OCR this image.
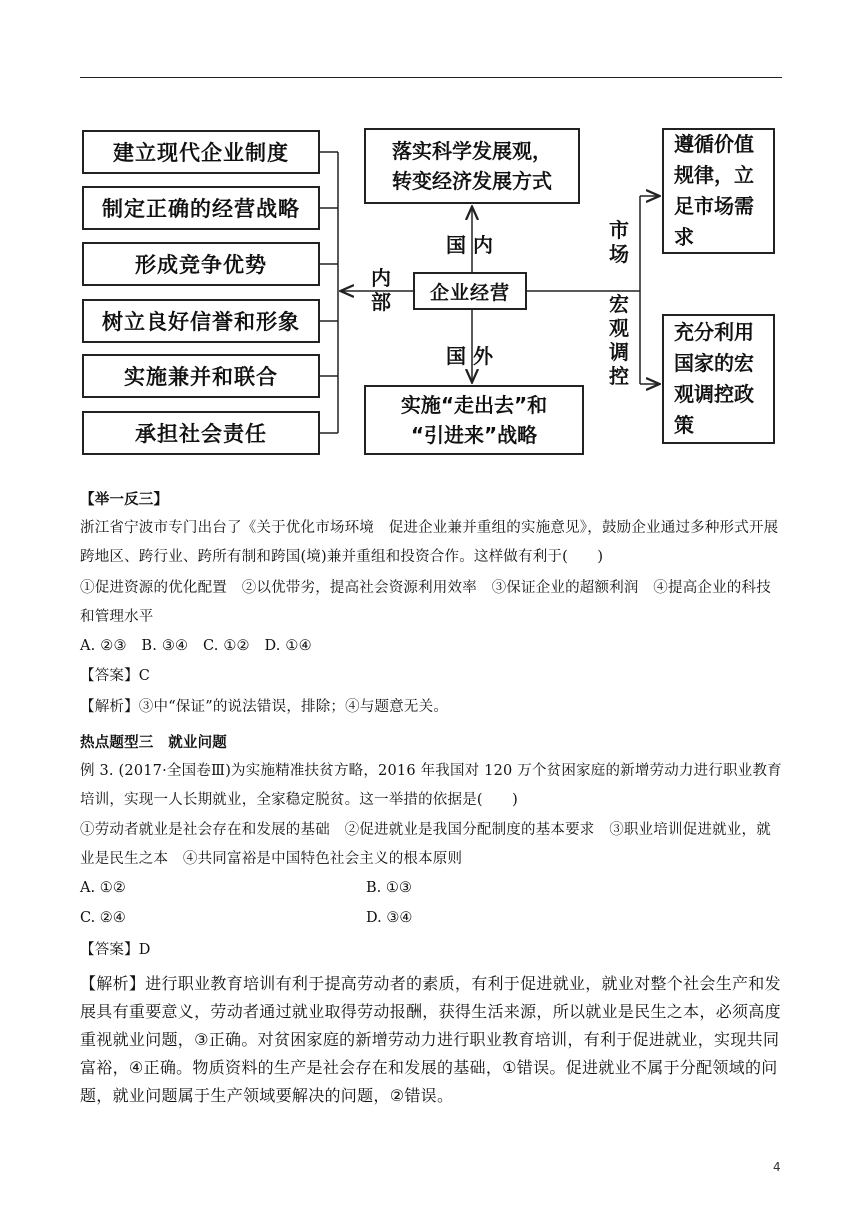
建立现代企业制度
制定正确的经营战略
形成竞争优势
树立良好信誉和形象
实施兼并和联合
承担社会责任
落实科学发展观，
转变经济发展方式
企业经营
实施“走出去”和
“引进来”战略
遵循价值
规律，立
足市场需
求
充分利用
国家的宏
观调控政
策
国 内
国 外
内部
市场
宏观调控
【举一反三】
浙江省宁波市专门出台了《关于优化市场环境　促进企业兼并重组的实施意见》，鼓励企业通过多种形式开展跨地区、跨行业、跨所有制和跨国(境)兼并重组和投资合作。这样做有利于(　　)
①促进资源的优化配置　②以优带劣，提高社会资源利用效率　③保证企业的超额利润　④提高企业的科技和管理水平
A. ②③　B. ③④　C. ①②　D. ①④
【答案】C
【解析】③中“保证”的说法错误，排除；④与题意无关。
热点题型三　就业问题
例 3. (2017·全国卷Ⅲ)为实施精准扶贫方略，2016 年我国对 120 万个贫困家庭的新增劳动力进行职业教育培训，实现一人长期就业，全家稳定脱贫。这一举措的依据是(　　)
①劳动者就业是社会存在和发展的基础　②促进就业是我国分配制度的基本要求　③职业培训促进就业，就业是民生之本　④共同富裕是中国特色社会主义的根本原则
A. ①②	B. ①③
C. ②④	D. ③④
【答案】D
【解析】进行职业教育培训有利于提高劳动者的素质，有利于促进就业，就业对整个社会生产和发展具有重要意义，劳动者通过就业取得劳动报酬，获得生活来源，所以就业是民生之本，必须高度重视就业问题，③正确。对贫困家庭的新增劳动力进行职业教育培训，有利于促进就业，实现共同富裕，④正确。物质资料的生产是社会存在和发展的基础，①错误。促进就业不属于分配领域的问题，就业问题属于生产领域要解决的问题，②错误。
4
